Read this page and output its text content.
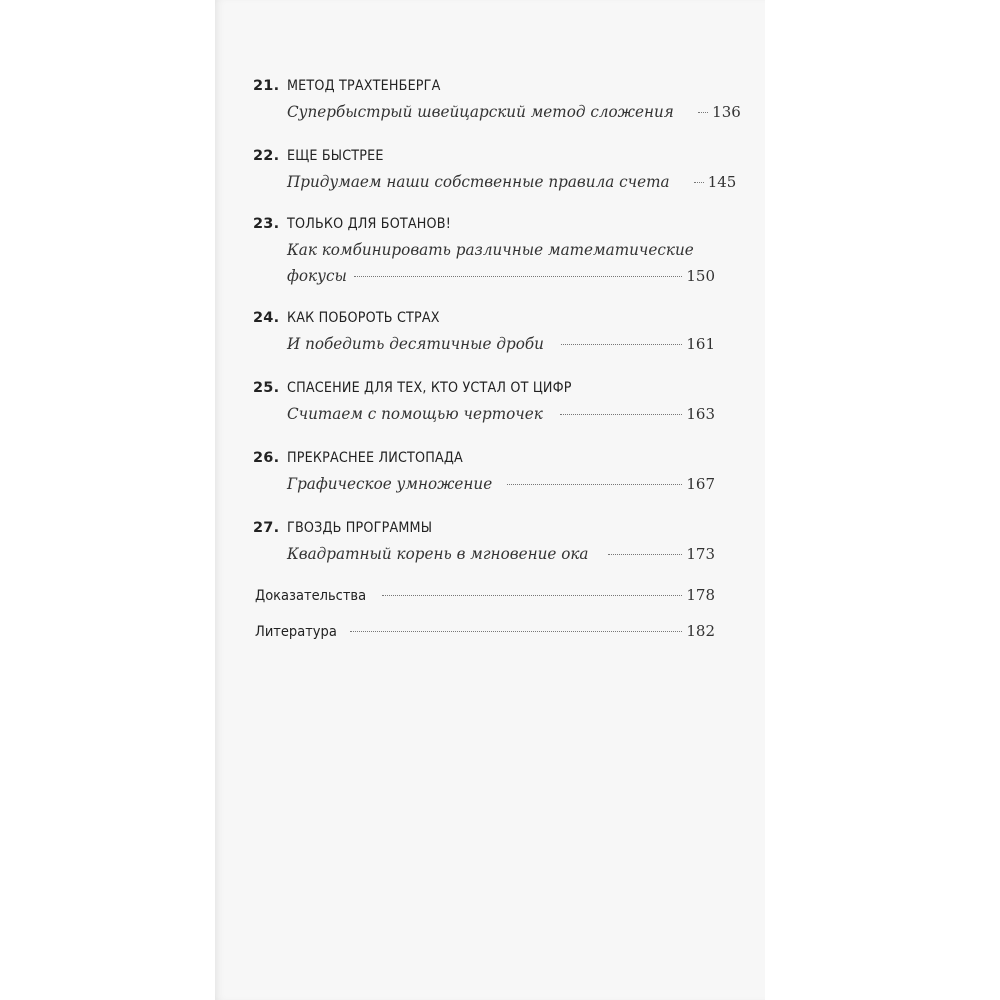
21. МЕТОД ТРАХТЕНБЕРГА
Супербыстрый швейцарский метод сложения	136
22. ЕЩЕ БЫСТРЕЕ
Придумаем наши собственные правила счета	145
23. ТОЛЬКО ДЛЯ БОТАНОВ!
Как комбинировать различные математические
фокусы	150
24. КАК ПОБОРОТЬ СТРАХ
И победить десятичные дроби	161
25. СПАСЕНИЕ ДЛЯ ТЕХ, КТО УСТАЛ ОТ ЦИФР
Считаем с помощью черточек	163
26. ПРЕКРАСНЕЕ ЛИСТОПАДА
Графическое умножение	167
27. ГВОЗДЬ ПРОГРАММЫ
Квадратный корень в мгновение ока	173
Доказательства	178
Литература	182
